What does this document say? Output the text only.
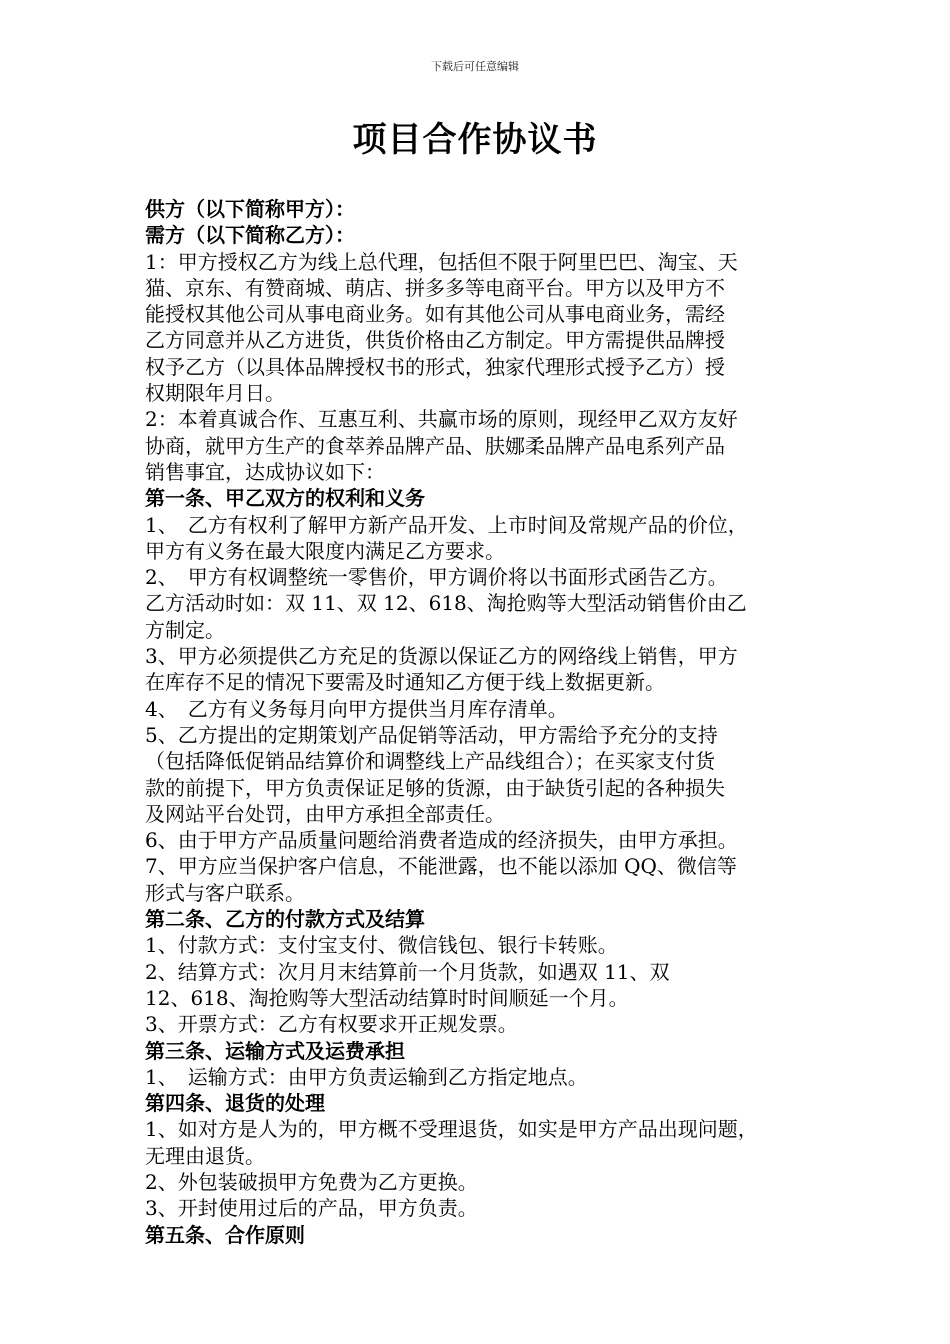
下载后可任意编辑
项目合作协议书
供方（以下简称甲方）：
需方（以下简称乙方）：
1：甲方授权乙方为线上总代理，包括但不限于阿里巴巴、淘宝、天
猫、京东、有赞商城、萌店、拼多多等电商平台。甲方以及甲方不
能授权其他公司从事电商业务。如有其他公司从事电商业务，需经
乙方同意并从乙方进货，供货价格由乙方制定。甲方需提供品牌授
权予乙方（以具体品牌授权书的形式，独家代理形式授予乙方）授
权期限年月日。
2：本着真诚合作、互惠互利、共赢市场的原则，现经甲乙双方友好
协商，就甲方生产的食萃养品牌产品、肤娜柔品牌产品电系列产品
销售事宜，达成协议如下：
第一条、甲乙双方的权利和义务
1、　乙方有权利了解甲方新产品开发、上市时间及常规产品的价位，
甲方有义务在最大限度内满足乙方要求。
2、　甲方有权调整统一零售价，甲方调价将以书面形式函告乙方。
乙方活动时如：双 11、双 12、618、淘抢购等大型活动销售价由乙
方制定。
3、甲方必须提供乙方充足的货源以保证乙方的网络线上销售，甲方
在库存不足的情况下要需及时通知乙方便于线上数据更新。
4、　乙方有义务每月向甲方提供当月库存清单。
5、乙方提出的定期策划产品促销等活动，甲方需给予充分的支持
（包括降低促销品结算价和调整线上产品线组合）；在买家支付货
款的前提下，甲方负责保证足够的货源，由于缺货引起的各种损失
及网站平台处罚，由甲方承担全部责任。
6、由于甲方产品质量问题给消费者造成的经济损失，由甲方承担。
7、甲方应当保护客户信息，不能泄露，也不能以添加 QQ、微信等
形式与客户联系。
第二条、乙方的付款方式及结算
1、付款方式：支付宝支付、微信钱包、银行卡转账。
2、结算方式：次月月末结算前一个月货款，如遇双 11、双
12、618、淘抢购等大型活动结算时时间顺延一个月。
3、开票方式：乙方有权要求开正规发票。
第三条、运输方式及运费承担
1、　运输方式：由甲方负责运输到乙方指定地点。
第四条、退货的处理
1、如对方是人为的，甲方概不受理退货，如实是甲方产品出现问题，
无理由退货。
2、外包装破损甲方免费为乙方更换。
3、开封使用过后的产品，甲方负责。
第五条、合作原则
